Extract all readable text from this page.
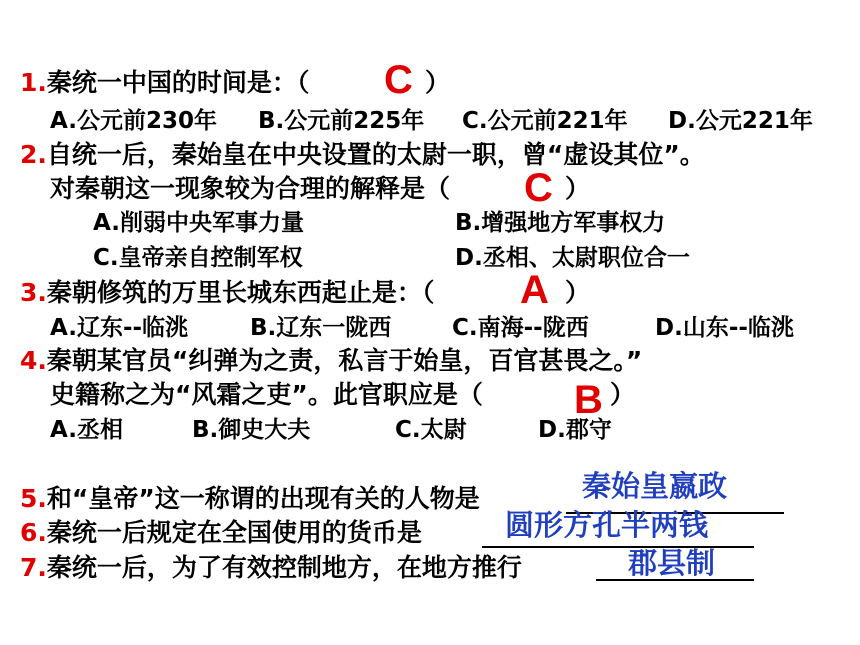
1.秦统一中国的时间是：（	）
C
A.公元前230年 B.公元前225年 C.公元前221年 D.公元221年
2.自统一后，秦始皇在中央设置的太尉一职，曾“虚设其位”。
对秦朝这一现象较为合理的解释是（	）
C
A.削弱中央军事力量	B.增强地方军事权力
C.皇帝亲自控制军权	D.丞相、太尉职位合一
3.秦朝修筑的万里长城东西起止是：（	）
A
A.辽东--临洮	B.辽东一陇西	C.南海--陇西	D.山东--临洮
4.秦朝某官员“纠弹为之责，私言于始皇，百官甚畏之。”
史籍称之为“风霜之吏”。此官职应是（	）
B
A.丞相	B.御史大夫	C.太尉	D.郡守
5.和“皇帝”这一称谓的出现有关的人物是	秦始皇嬴政
6.秦统一后规定在全国使用的货币是	圆形方孔半两钱
7.秦统一后，为了有效控制地方，在地方推行	郡县制
